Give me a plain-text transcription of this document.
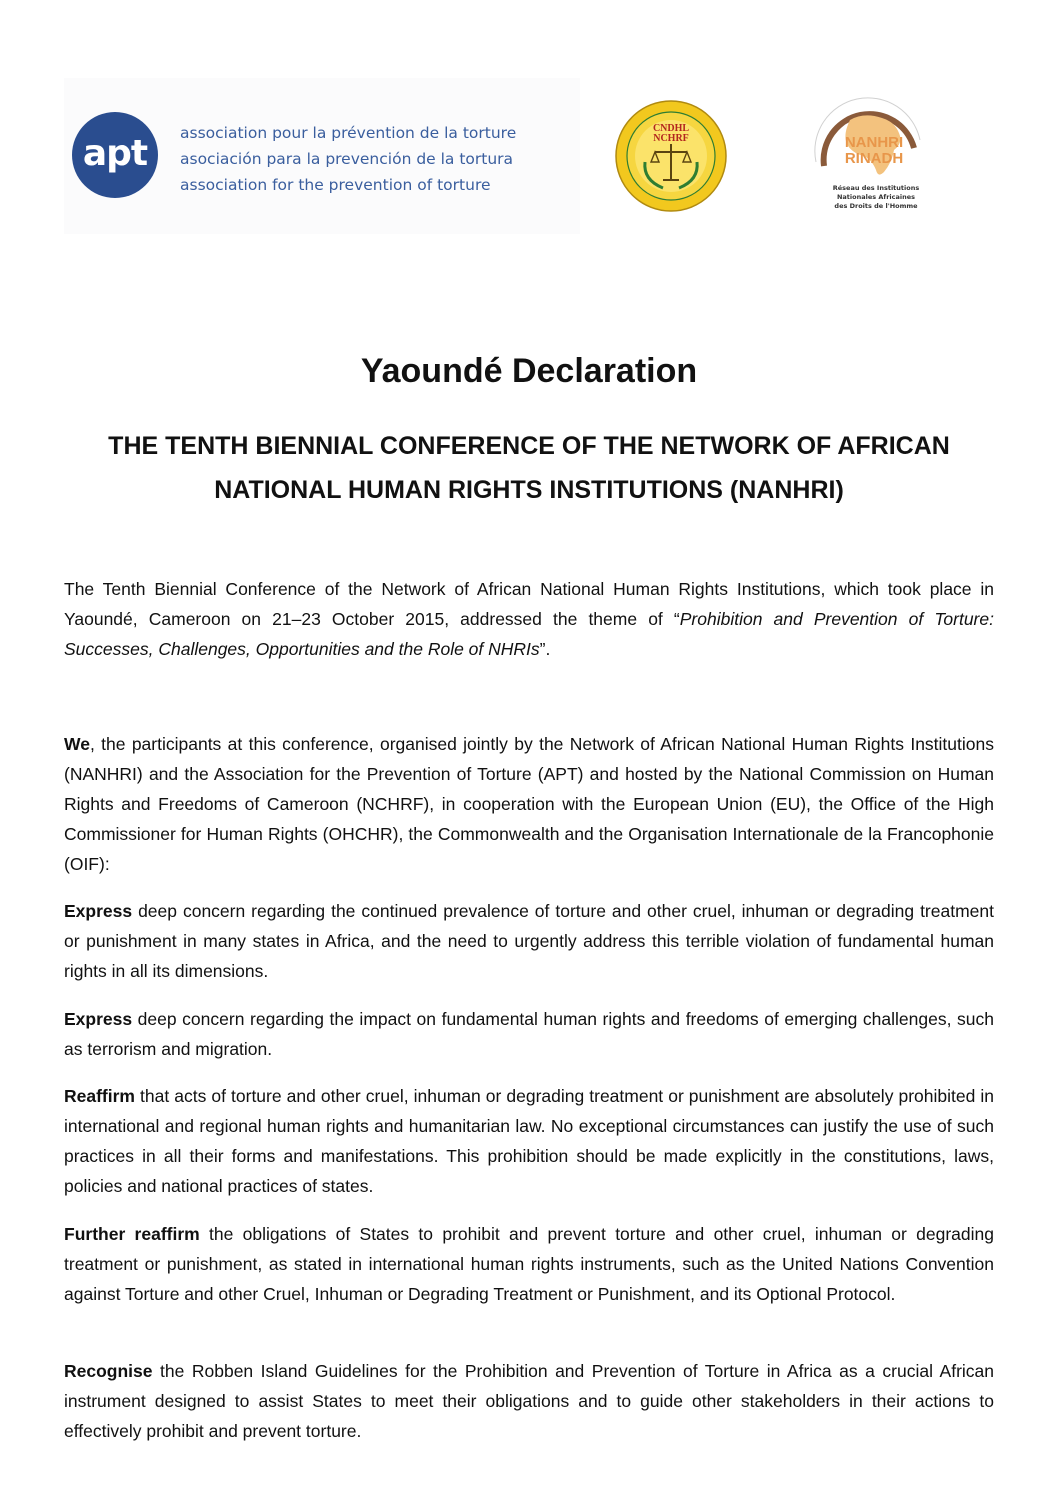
apt	association pour la prévention de la torture
asociación para la prevención de la tortura
association for the prevention of torture
CNDHL
NCHRF	NANHRI
RINADH
Réseau des Institutions
Nationales Africaines
des Droits de l'Homme
Yaoundé Declaration
THE TENTH BIENNIAL CONFERENCE OF THE NETWORK OF AFRICAN NATIONAL HUMAN RIGHTS INSTITUTIONS (NANHRI)

The Tenth Biennial Conference of the Network of African National Human Rights Institutions, which took place in Yaoundé, Cameroon on 21–23 October 2015, addressed the theme of “Prohibition and Prevention of Torture: Successes, Challenges, Opportunities and the Role of NHRIs”.

We, the participants at this conference, organised jointly by the Network of African National Human Rights Institutions (NANHRI) and the Association for the Prevention of Torture (APT) and hosted by the National Commission on Human Rights and Freedoms of Cameroon (NCHRF), in cooperation with the European Union (EU), the Office of the High Commissioner for Human Rights (OHCHR), the Commonwealth and the Organisation Internationale de la Francophonie (OIF):

Express deep concern regarding the continued prevalence of torture and other cruel, inhuman or degrading treatment or punishment in many states in Africa, and the need to urgently address this terrible violation of fundamental human rights in all its dimensions.

Express deep concern regarding the impact on fundamental human rights and freedoms of emerging challenges, such as terrorism and migration.

Reaffirm that acts of torture and other cruel, inhuman or degrading treatment or punishment are absolutely prohibited in international and regional human rights and humanitarian law. No exceptional circumstances can justify the use of such practices in all their forms and manifestations. This prohibition should be made explicitly in the constitutions, laws, policies and national practices of states.

Further reaffirm the obligations of States to prohibit and prevent torture and other cruel, inhuman or degrading treatment or punishment, as stated in international human rights instruments, such as the United Nations Convention against Torture and other Cruel, Inhuman or Degrading Treatment or Punishment, and its Optional Protocol.

Recognise the Robben Island Guidelines for the Prohibition and Prevention of Torture in Africa as a crucial African instrument designed to assist States to meet their obligations and to guide other stakeholders in their actions to effectively prohibit and prevent torture.
